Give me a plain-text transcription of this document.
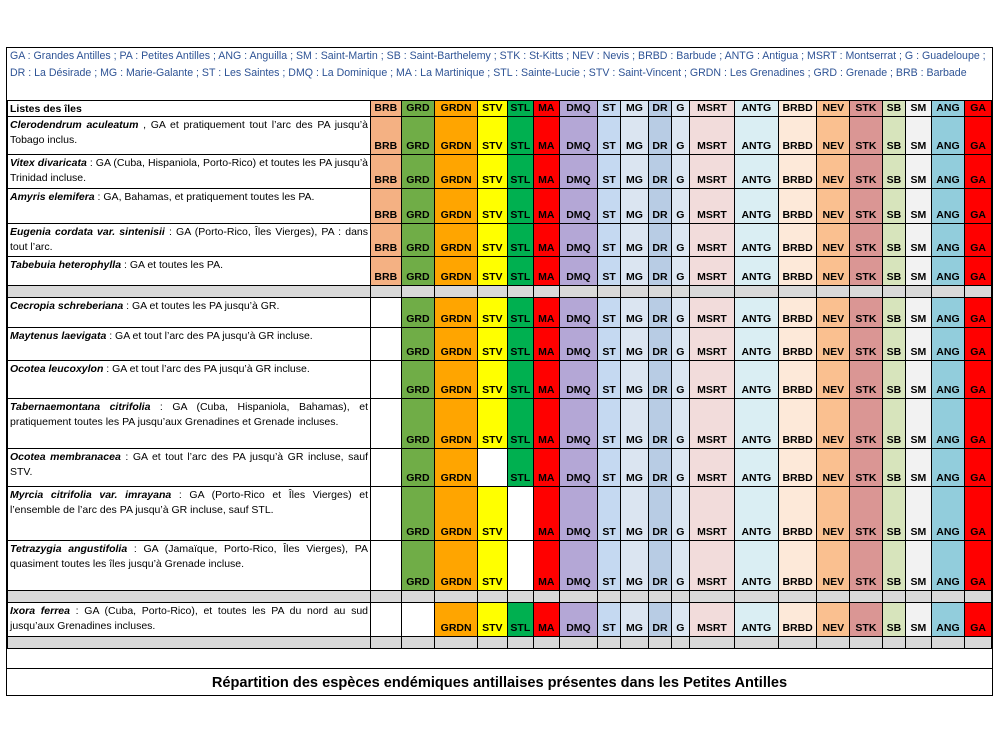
GA : Grandes Antilles ; PA : Petites Antilles ; ANG : Anguilla ; SM : Saint-Martin ; SB : Saint-Barthelemy ; STK : St-Kitts ; NEV : Nevis ; BRBD : Barbude ; ANTG : Antigua ; MSRT : Montserrat ; G : Guadeloupe ; DR : La Désirade ; MG : Marie-Galante ; ST : Les Saintes ; DMQ : La Dominique ; MA : La Martinique ; STL : Sainte-Lucie ; STV : Saint-Vincent ; GRDN : Les Grenadines ; GRD : Grenade ; BRB : Barbade
Listes des îles	BRB	GRD	GRDN	STV	STL	MA	DMQ	ST	MG	DR	G	MSRT	ANTG	BRBD	NEV	STK	SB	SM	ANG	GA
Clerodendrum aculeatum , GA et pratiquement tout l’arc des PA jusqu’à Tobago inclus.	BRB	GRD	GRDN	STV	STL	MA	DMQ	ST	MG	DR	G	MSRT	ANTG	BRBD	NEV	STK	SB	SM	ANG	GA
Vitex divaricata : GA (Cuba, Hispaniola, Porto-Rico) et toutes les PA jusqu’à Trinidad incluse.	BRB	GRD	GRDN	STV	STL	MA	DMQ	ST	MG	DR	G	MSRT	ANTG	BRBD	NEV	STK	SB	SM	ANG	GA
Amyris elemifera : GA, Bahamas, et pratiquement toutes les PA.	BRB	GRD	GRDN	STV	STL	MA	DMQ	ST	MG	DR	G	MSRT	ANTG	BRBD	NEV	STK	SB	SM	ANG	GA
Eugenia cordata var. sintenisii : GA (Porto-Rico, Îles Vierges), PA : dans tout l’arc.	BRB	GRD	GRDN	STV	STL	MA	DMQ	ST	MG	DR	G	MSRT	ANTG	BRBD	NEV	STK	SB	SM	ANG	GA
Tabebuia heterophylla : GA et toutes les PA.	BRB	GRD	GRDN	STV	STL	MA	DMQ	ST	MG	DR	G	MSRT	ANTG	BRBD	NEV	STK	SB	SM	ANG	GA

Cecropia schreberiana : GA et toutes les PA jusqu’à GR.		GRD	GRDN	STV	STL	MA	DMQ	ST	MG	DR	G	MSRT	ANTG	BRBD	NEV	STK	SB	SM	ANG	GA
Maytenus laevigata : GA et tout l’arc des PA jusqu’à GR incluse.		GRD	GRDN	STV	STL	MA	DMQ	ST	MG	DR	G	MSRT	ANTG	BRBD	NEV	STK	SB	SM	ANG	GA
Ocotea leucoxylon : GA et tout l’arc des PA jusqu’à GR incluse.		GRD	GRDN	STV	STL	MA	DMQ	ST	MG	DR	G	MSRT	ANTG	BRBD	NEV	STK	SB	SM	ANG	GA
Tabernaemontana citrifolia : GA (Cuba, Hispaniola, Bahamas), et pratiquement toutes les PA jusqu’aux Grenadines et Grenade incluses.		GRD	GRDN	STV	STL	MA	DMQ	ST	MG	DR	G	MSRT	ANTG	BRBD	NEV	STK	SB	SM	ANG	GA
Ocotea membranacea : GA et tout l’arc des PA jusqu’à GR incluse, sauf STV.		GRD	GRDN		STL	MA	DMQ	ST	MG	DR	G	MSRT	ANTG	BRBD	NEV	STK	SB	SM	ANG	GA
Myrcia citrifolia var. imrayana : GA (Porto-Rico et Îles Vierges) et l’ensemble de l’arc des PA jusqu’à GR incluse, sauf STL.		GRD	GRDN	STV		MA	DMQ	ST	MG	DR	G	MSRT	ANTG	BRBD	NEV	STK	SB	SM	ANG	GA
Tetrazygia angustifolia : GA (Jamaïque, Porto-Rico, Îles Vierges), PA quasiment toutes les îles jusqu’à Grenade incluse.		GRD	GRDN	STV		MA	DMQ	ST	MG	DR	G	MSRT	ANTG	BRBD	NEV	STK	SB	SM	ANG	GA

Ixora ferrea : GA (Cuba, Porto-Rico), et toutes les PA du nord au sud jusqu’aux Grenadines incluses.			GRDN	STV	STL	MA	DMQ	ST	MG	DR	G	MSRT	ANTG	BRBD	NEV	STK	SB	SM	ANG	GA

Répartition des espèces endémiques antillaises présentes dans les Petites Antilles
